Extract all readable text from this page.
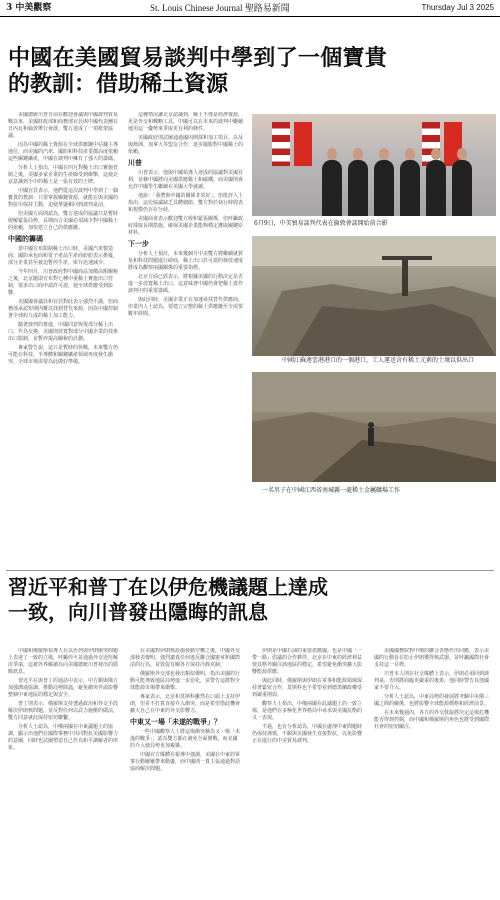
3 中美觀察	St. Louis Chinese Journal 聖路易新聞	Thursday Jul 3 2025
中國在美國貿易談判中學到了一個寶貴
的教訓：借助稀土資源

美國總統川普自前在歡迎會議與中國談判貿易戰以來，美國財政部和商務部官員與中國代表團在日內瓦和倫敦舉行會談，雙方達成了一項框架協議。

因為中國的稀土資源在全球供應鏈中佔據主導地位，而美國的汽車、國防和科技產業都高度依賴這些關鍵礦產，中國在談判中擁有了強大的籌碼。

分析人士指出，中國在四月對稀土出口實施管制之後，美國多家企業的生產線受到衝擊，這使北京意識到手中的稀土是一張有效的王牌。

中國官員表示，他們從這次談判中學到了一個寶貴的教訓：只要掌握關鍵資源，就能在與美國的對抗中保持主動，迫使華盛頓回到談判桌前。

但美國方面則認為，雙方達成的協議只是暫時緩解緊張局勢，長期而言美國必須減少對中國稀土的依賴，加快建立自己的供應鏈。

中國的籌碼

當中國宣布限制稀土出口時，美國汽車製造商、國防承包商和電子產品生產商紛紛表示擔憂，部分企業甚至被迫暫停生產，庫存迅速減少。

今年四月，川普政府對中國商品加徵高額關稅之後，北京隨即宣布對七種中重稀土實施出口管制，要求出口商申請許可證，使全球供應受到影響。

美國國會議員和官員對此表示強烈不滿，但商務部承認短期內難以找到替代來源，因為中國控制著全球約九成的稀土加工能力。

隨著談判的推進，中國同意恢復部分稀土出口，作為交換，美國則放寬對部分中國企業的技術出口限制，並暫停提高關稅的計劃。

專家警告說，這只是暫時的休戰，未來雙方仍可能在科技、半導體和關鍵礦產領域再度發生衝突，全球市場需要為此做好準備。

這種情況讓北京認識到，稀土不僅是經濟資源，更是外交和戰略工具，中國可以在未來的談判中繼續運用這一優勢來爭取更有利的條件。

美國政府則試圖通過國內開採和加工項目，以及與澳洲、加拿大等盟友合作，逐步擺脫對中國稀土的依賴。

川普

川普表示，他與中國領導人達成的協議對美國有利，並稱中國將向美國供應稀土和磁鐵，而美國則會允許中國學生繼續在美國大學就讀。

他說：「我們與中國的關係非常好」，但批評人士指出，這份協議缺乏具體細節，雙方對於執行時間表和規模仍存在分歧。

美國商會表示歡迎雙方緩和緊張關係，但呼籲政府採取長期措施，確保美國企業能夠穩定獲取關鍵原材料。

下一步

分析人士預計，未來幾個月中美雙方將繼續就貿易和科技問題進行磋商，稀土出口許可證的發放速度將成為觀察兩國關係的重要指標。

北京方面已經表示，將根據美國的行動決定是否進一步放寬稀土出口，這意味著中國仍會把稀土當作談判中的重要籌碼。

與此同時，美國企業正在加速尋找替代供應商，但業內人士認為，要建立完整的稀土供應鏈至少需要數年時間。

6月9日，中美貿易談判代表在倫敦會談開始前合影
中國江蘇連雲港港口的一個港口，工人運送含有稀土元素的土壤以供出口
一名男子在中國江西省南城縣一處稀土金屬礦場工作
習近平和普丁在以伊危機議題上達成
一致，向川普發出隱晦的訊息

中國和俄羅斯領導人在以色列與伊朗衝突問題上表達了一致的立場，呼籲停火並通過外交途徑解決爭端，這被外界解讀為向美國總統川普發出的隱晦訊息。

習近平在與普丁的通話中表示，中方願與俄方加強溝通協調，推動局勢降溫，避免衝突外溢影響整個中東地區的穩定與安全。

普丁則表示，俄羅斯支持透過政治和外交手段解決伊朗核問題，並反對任何以武力施壓的做法，雙方同意就此保持密切聯繫。

分析人士認為，中俄兩國在中東議題上的協調，顯示出他們在國際事務中共同對抗美國影響力的意圖，同時也試圖塑造自己作為和平調解者的形象。

在美國對伊朗核設施發動空襲之後，中國外交部發表聲明，強烈譴責任何違反聯合國憲章和國際法的行為，並敦促有關各方保持冷靜克制。

俄羅斯外交部也發出類似聲明，指出美國的行動可能導致地區局勢進一步惡化，並警告這將對全球能源市場帶來衝擊。

專家表示，北京和莫斯科雖然在口頭上支持伊朗，但並不打算直接介入衝突，而是希望借此機會擴大自己在中東的外交影響力。

中東又一場「未遂的戰爭」？

一些中國觀察人士將這場衝突稱為又一場「未遂的戰爭」，認為雙方都在避免全面開戰，而美國的介入使局勢更加複雜。

中國官方媒體在報導中強調，美國在中東的軍事行動屢屢帶來動盪，而中國則一貫主張通過對話協商解決問題。

伊朗是中國石油的重要供應國，也是中國「一帶一路」倡議的合作夥伴，北京在中東的經濟利益使其格外關注該地區的穩定，希望避免衝突擴大影響能源供應。

與此同時，俄羅斯與伊朗在軍事和能源領域保持著緊密合作，莫斯科也不希望看到德黑蘭政權受到嚴重削弱。

觀察人士指出，中俄兩國在此議題上的一致立場，是他們在多極化世界格局中尋求與美國抗衡的又一表現。

不過，也有分析認為，中國在處理中東問題時仍保持謹慎，不願與美國發生直接對抗，以免影響正在進行的中美貿易談判。

美國國務院對中俄的聯合表態作出回應，表示美國的行動旨在防止伊朗獲得核武器，並呼籲國際社會支持這一目標。

川普本人則在社交媒體上表示，伊朗必須回到談判桌，否則將面臨更嚴重的後果，他同時警告其他國家不要介入。

分析人士認為，中東局勢的發展將考驗中美俄三國之間的關係，也將影響全球能源價格和經濟前景。

在未來幾週內，各方的外交斡旋將決定這場危機能否得到控制，而中國和俄羅斯的角色也將受到國際社會的密切關注。
